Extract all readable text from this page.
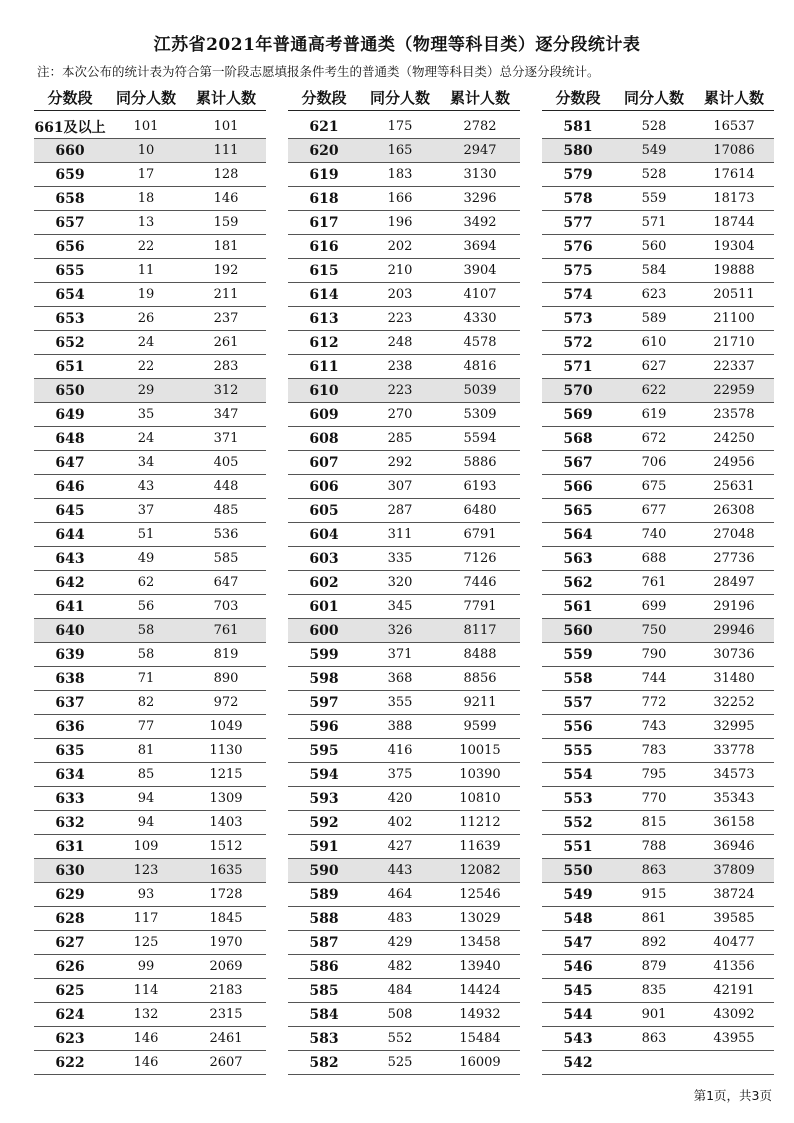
江苏省2021年普通高考普通类（物理等科目类）逐分段统计表
注：本次公布的统计表为符合第一阶段志愿填报条件考生的普通类（物理等科目类）总分逐分段统计。
分数段	同分人数	累计人数
661及以上	101	101
660	10	111
659	17	128
658	18	146
657	13	159
656	22	181
655	11	192
654	19	211
653	26	237
652	24	261
651	22	283
650	29	312
649	35	347
648	24	371
647	34	405
646	43	448
645	37	485
644	51	536
643	49	585
642	62	647
641	56	703
640	58	761
639	58	819
638	71	890
637	82	972
636	77	1049
635	81	1130
634	85	1215
633	94	1309
632	94	1403
631	109	1512
630	123	1635
629	93	1728
628	117	1845
627	125	1970
626	99	2069
625	114	2183
624	132	2315
623	146	2461
622	146	2607
分数段	同分人数	累计人数
621	175	2782
620	165	2947
619	183	3130
618	166	3296
617	196	3492
616	202	3694
615	210	3904
614	203	4107
613	223	4330
612	248	4578
611	238	4816
610	223	5039
609	270	5309
608	285	5594
607	292	5886
606	307	6193
605	287	6480
604	311	6791
603	335	7126
602	320	7446
601	345	7791
600	326	8117
599	371	8488
598	368	8856
597	355	9211
596	388	9599
595	416	10015
594	375	10390
593	420	10810
592	402	11212
591	427	11639
590	443	12082
589	464	12546
588	483	13029
587	429	13458
586	482	13940
585	484	14424
584	508	14932
583	552	15484
582	525	16009
分数段	同分人数	累计人数
581	528	16537
580	549	17086
579	528	17614
578	559	18173
577	571	18744
576	560	19304
575	584	19888
574	623	20511
573	589	21100
572	610	21710
571	627	22337
570	622	22959
569	619	23578
568	672	24250
567	706	24956
566	675	25631
565	677	26308
564	740	27048
563	688	27736
562	761	28497
561	699	29196
560	750	29946
559	790	30736
558	744	31480
557	772	32252
556	743	32995
555	783	33778
554	795	34573
553	770	35343
552	815	36158
551	788	36946
550	863	37809
549	915	38724
548	861	39585
547	892	40477
546	879	41356
545	835	42191
544	901	43092
543	863	43955
542
第1页，共3页
